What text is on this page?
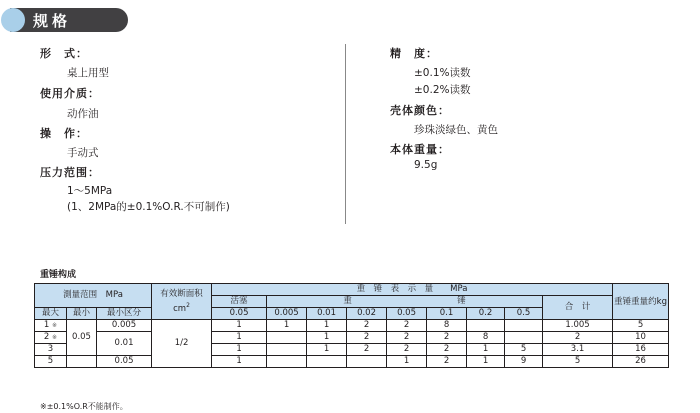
规格
形　式：
桌上用型
使用介质：
动作油
操　作：
手动式
压力范围：
1～5MPa
(1、2MPa的±0.1%O.R.不可制作)
精　度：
±0.1%读数
±0.2%读数
壳体颜色：
珍珠淡绿色、黄色
本体重量：
9.5g
重锤构成
測量范围　MPa			有效断面积
$cm^2$	重　锤　表　示　量　　MPa									重锤重量约kg
				活塞	重 锤							合　计	
最大	最小	最小区分		0.05	0.005	0.01	0.02	0.05	0.1	0.2	0.5		
1 ※	0.05	0.005	1/2	1	1	1	2	2	8			1.005	5
2 ※		0.01		1		1	2	2	2	8		2	10
3				1		1	2	2	2	1	5	3.1	16
5		0.05		1				1	2	1	9	5	26
※±0.1%O.R不能制作。
